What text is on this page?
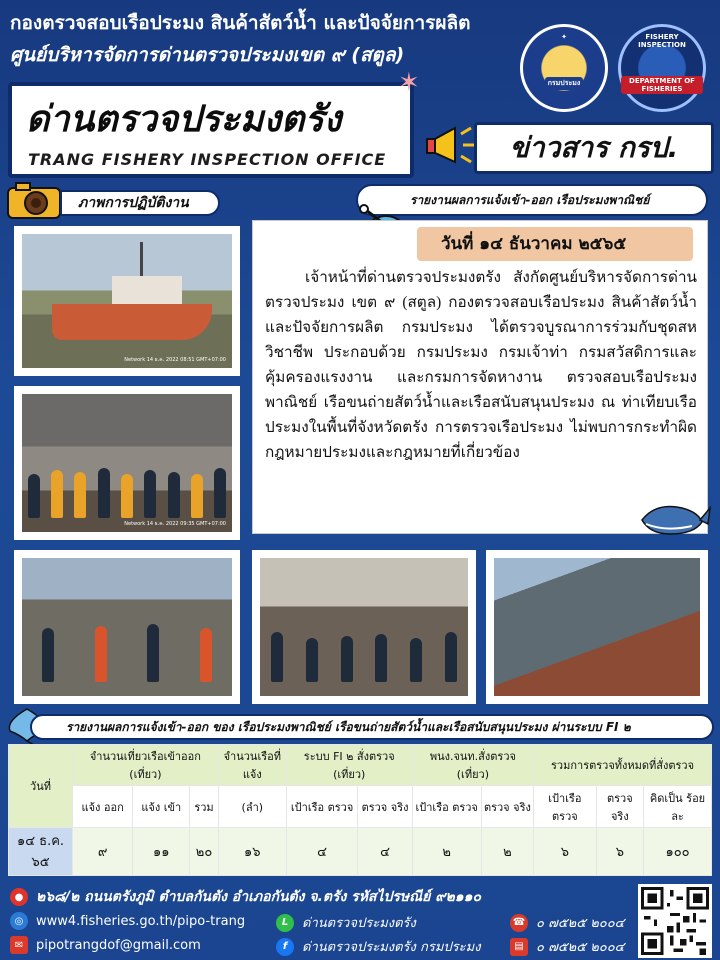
กองตรวจสอบเรือประมง สินค้าสัตว์น้ำ และปัจจัยการผลิต
ศูนย์บริหารจัดการด่านตรวจประมงเขต ๙ (สตูล)
✦
กรมประมง
FISHERY INSPECTION
DEPARTMENT OF FISHERIES
ด่านตรวจประมงตรัง
TRANG FISHERY INSPECTION OFFICE
✶
ข่าวสาร กรป.
ภาพการปฏิบัติงาน	รายงานผลการแจ้งเข้า-ออก เรือประมงพาณิชย์
Network 14 ธ.ค. 2022 08:51 GMT+07:00
Network 14 ธ.ค. 2022 09:35 GMT+07:00
วันที่ ๑๔ ธันวาคม ๒๕๖๕

เจ้าหน้าที่ด่านตรวจประมงตรัง สังกัดศูนย์บริหารจัดการด่านตรวจประมง เขต ๙ (สตูล) กองตรวจสอบเรือประมง สินค้าสัตว์น้ำ และปัจจัยการผลิต กรมประมง ได้ตรวจบูรณาการร่วมกับชุดสหวิชาชีพ ประกอบด้วย กรมประมง กรมเจ้าท่า กรมสวัสดิการและคุ้มครองแรงงาน และกรมการจัดหางาน ตรวจสอบเรือประมงพาณิชย์ เรือขนถ่ายสัตว์น้ำและเรือสนับสนุนประมง ณ ท่าเทียบเรือประมงในพื้นที่จังหวัดตรัง การตรวจเรือประมง ไม่พบการกระทำผิดกฎหมายประมงและกฎหมายที่เกี่ยวข้อง

รายงานผลการแจ้งเข้า-ออก ของ เรือประมงพาณิชย์ เรือขนถ่ายสัตว์น้ำและเรือสนับสนุนประมง ผ่านระบบ FI ๒
วันที่	จำนวนเที่ยวเรือเข้าออก (เที่ยว)			จำนวนเรือที่แจ้ง	ระบบ FI ๒ สั่งตรวจ (เที่ยว)		พนง.จนท.สั่งตรวจ (เที่ยว)		รวมการตรวจทั้งหมดที่สั่งตรวจ		
	แจ้ง ออก	แจ้ง เข้า	รวม	(ลำ)	เป้าเรือ ตรวจ	ตรวจ จริง	เป้าเรือ ตรวจ	ตรวจ จริง	เป้าเรือ ตรวจ	ตรวจ จริง	คิดเป็น ร้อยละ
๑๔ ธ.ค. ๖๕	๙	๑๑	๒๐	๑๖	๔	๔	๒	๒	๖	๖	๑๐๐
● ๒๖๘/๒ ถนนตรังภูมิ ตำบลกันตัง อำเภอกันตัง จ.ตรัง รหัสไปรษณีย์ ๙๒๑๑๐
◎ www4.fisheries.go.th/pipo-trang
✉ pipotrangdof@gmail.com
L	ด่านตรวจประมงตรัง
f	ด่านตรวจประมงตรัง กรมประมง
☎ ๐ ๗๕๒๕ ๒๐๐๔
▤ ๐ ๗๕๒๕ ๒๐๐๔
